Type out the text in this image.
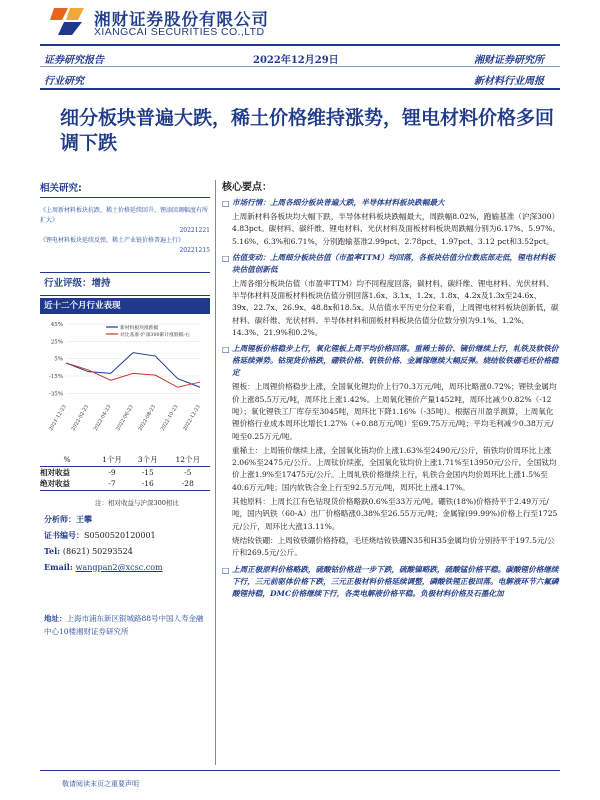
湘财证券股份有限公司
XIANGCAI SECURITIES CO.,LTD
证券研究报告	2022年12月29日	湘财证券研究所
行业研究	新材料行业周报
细分板块普遍大跌，稀土价格维持涨势，锂电材料价格多回调下跌
相关研究:
《上周新材料板块抗跌，稀土价格延续回升，锂添回调幅度有所扩大》
20221221
《锂电材料板块延续反弹，稀土产业链价格普遍上行》
20221215
行业评级：增持
近十二个月行业表现
45%
25%
5%
-15%
-35%
2021-12-23 2022-02-23 2022-04-23 2022-06-23 2022-08-23 2022-10-23 2022-12-23
新材料板块涨跌幅
对比基准-沪深300累计涨跌幅-右
%	1个月	3个月	12个月
相对收益	-9	-15	-5
绝对收益	-7	-16	-28
注：相对收益与沪深300相比
分析师：王攀
证书编号：S0500520120001
Tel: (8621) 50293524
Email: wangpan2@xcsc.com
地址：上海市浦东新区银城路88号中国人寿金融中心10楼湘财证券研究所
核心要点：
□ 市场行情：上周各细分板块普遍大跌，半导体材料板块跌幅最大
上周新材料各板块均大幅下跌，半导体材料板块跌幅最大，周跌幅8.02%，跑输基准（沪深300）4.83pct。碳材料、碳纤维、锂电材料、光伏材料及面板材料板块周跌幅分别为6.17%、5.97%、5.16%、6.3%和6.71%，分别跑输基准2.99pct、2.78pct、1.97pct、3.12 pct和3.52pct。
□ 估值变动：上周细分板块估值（市盈率TTM）均回落，各板块估值分位数底部走低，锂电材料板块估值创新低
上周各细分板块估值（市盈率TTM）均不同程度回落，碳材料、碳纤维、锂电材料、光伏材料、半导体材料及面板材料板块估值分别回落1.6x、3.1x、1.2x、1.8x、4.2x及1.3x至24.6x、39x、22.7x、26.9x、48.8x和18.5x。从估值水平历史分位来看，上周锂电材料板块创新低，碳材料、碳纤维、光伏材料、半导体材料和面板材料板块估值分位数分别为9.1%、1.2%、14.3%、21.9%和0.2%。
□ 上周锂板价格稳步上行，氧化锂板上周平均价格回落。重稀土铕价、镝价继续上行，轧铁及软铁价格延续弹势。钴现货价格跌，硼铁价格、钒铁价格、金属镓继续大幅反弹。烧结钕铁硼毛坯价格稳定
锂板：上周锂价格稳步上涨，全国氧化锂均价上行70.3万元/吨，周环比略涨0.72%；锂铁金属均价上涨85.5万元/吨，周环比上涨1.42%。上周氧化锂价产量1452吨，周环比减少0.82%（-12吨）；氧化锂铁工厂库存至3045吨，周环比下降1.16%（-35吨）。根据百川盈孚测算，上周氧化锂价格行业成本周环比增长1.27%（+0.88万元/吨）至69.75万元/吨；平均毛利减少0.38万元/吨至0.25万元/吨。
重稀土：上周铕价继续上涨，全国氧化铕均价上涨1.63%至2490元/公斤，铕铁均价周环比上涨2.06%至2475元/公斤。上周钛价续涨，全国氧化钛均价上涨1.71%至13950元/公斤，全国钛均价上涨1.9%至17475元/公斤。上周轧铁价格继续上行，轧铁合金国内均价周环比上涨1.5%至40.6万元/吨；国内软铁合金上行至92.5万元/吨，周环比上涨4.17%。
其他原料：上周长江有色钴现货价格略跌0.6%至33万元/吨。硼铁(18%)价格持平于2.49万元/吨，国内钒铁（60-A）出厂价格略涨0.38%至26.55万元/吨；金属镓(99.99%)价格上行至1725元/公斤，周环比大涨13.11%。
烧结钕铁硼：上周钕铁硼价格持稳，毛坯烧结钕铁硼N35和H35金属均价分别持平于197.5元/公斤和269.5元/公斤。
□ 上周正极原料价格略跌，硫酸钴价格进一步下跌，硫酸镍略跌，硫酸锰价格平稳。碳酸锂价格继续下行，三元前驱体价格下跌，三元正极材料价格延续调整，磷酸铁锂正极回落。电解液环节六氟磷酸锂持稳，DMC价格继续下行，各类电解液价格平稳。负极材料价格及石墨化加
敬请阅读末页之重要声明
